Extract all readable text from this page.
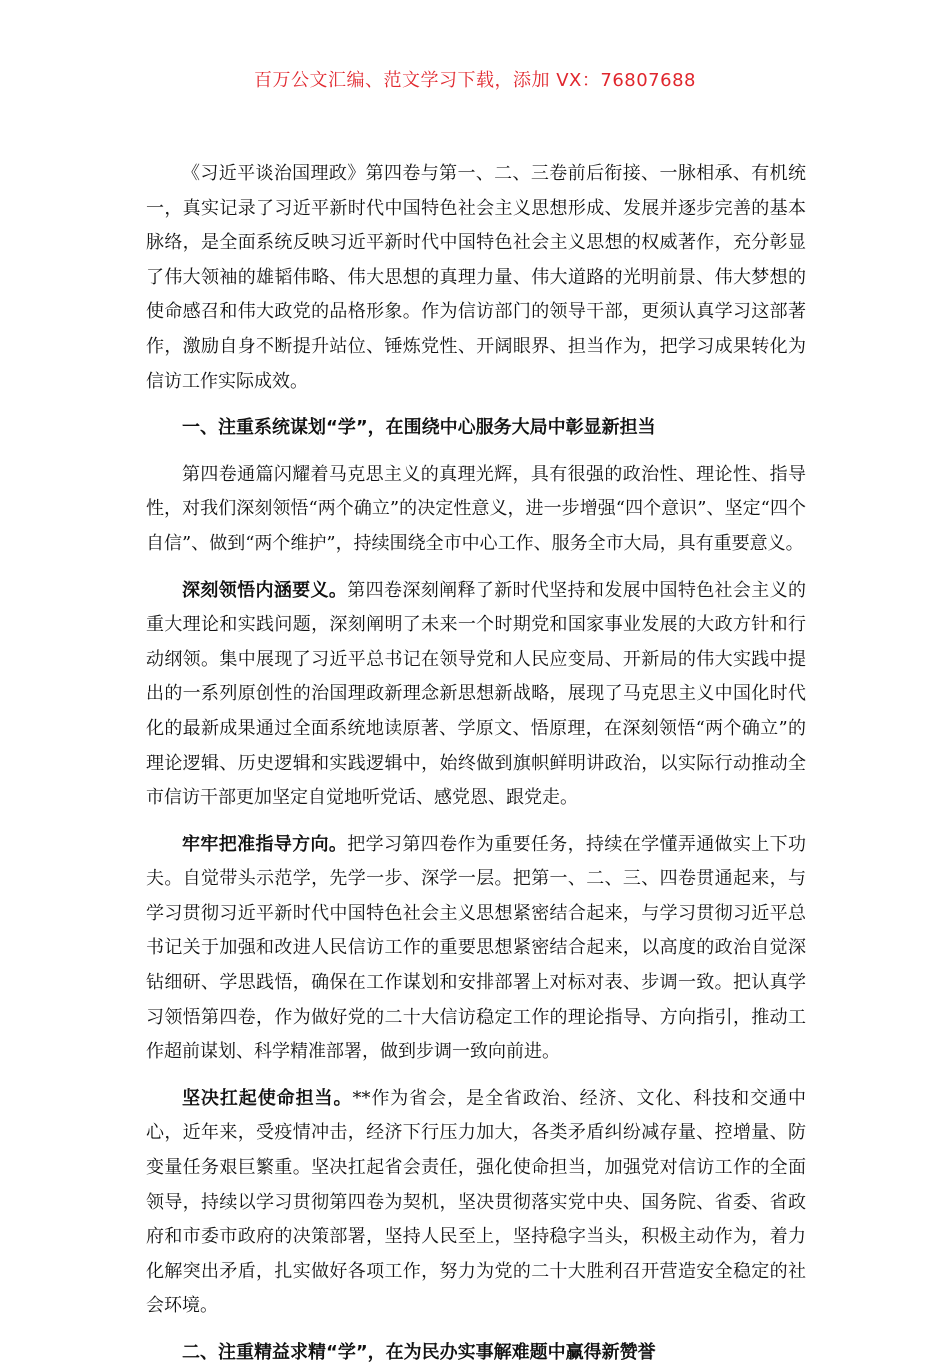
百万公文汇编、范文学习下载，添加 VX：76807688

《习近平谈治国理政》第四卷与第一、二、三卷前后衔接、一脉相承、有机统一，真实记录了习近平新时代中国特色社会主义思想形成、发展并逐步完善的基本脉络，是全面系统反映习近平新时代中国特色社会主义思想的权威著作，充分彰显了伟大领袖的雄韬伟略、伟大思想的真理力量、伟大道路的光明前景、伟大梦想的使命感召和伟大政党的品格形象。作为信访部门的领导干部，更须认真学习这部著作，激励自身不断提升站位、锤炼党性、开阔眼界、担当作为，把学习成果转化为信访工作实际成效。

一、注重系统谋划“学”，在围绕中心服务大局中彰显新担当

第四卷通篇闪耀着马克思主义的真理光辉，具有很强的政治性、理论性、指导性，对我们深刻领悟“两个确立”的决定性意义，进一步增强“四个意识”、坚定“四个自信”、做到“两个维护”，持续围绕全市中心工作、服务全市大局，具有重要意义。

深刻领悟内涵要义。第四卷深刻阐释了新时代坚持和发展中国特色社会主义的重大理论和实践问题，深刻阐明了未来一个时期党和国家事业发展的大政方针和行动纲领。集中展现了习近平总书记在领导党和人民应变局、开新局的伟大实践中提出的一系列原创性的治国理政新理念新思想新战略，展现了马克思主义中国化时代化的最新成果通过全面系统地读原著、学原文、悟原理，在深刻领悟“两个确立”的理论逻辑、历史逻辑和实践逻辑中，始终做到旗帜鲜明讲政治，以实际行动推动全市信访干部更加坚定自觉地听党话、感党恩、跟党走。

牢牢把准指导方向。把学习第四卷作为重要任务，持续在学懂弄通做实上下功夫。自觉带头示范学，先学一步、深学一层。把第一、二、三、四卷贯通起来，与学习贯彻习近平新时代中国特色社会主义思想紧密结合起来，与学习贯彻习近平总书记关于加强和改进人民信访工作的重要思想紧密结合起来，以高度的政治自觉深钻细研、学思践悟，确保在工作谋划和安排部署上对标对表、步调一致。把认真学习领悟第四卷，作为做好党的二十大信访稳定工作的理论指导、方向指引，推动工作超前谋划、科学精准部署，做到步调一致向前进。

坚决扛起使命担当。**作为省会，是全省政治、经济、文化、科技和交通中心，近年来，受疫情冲击，经济下行压力加大，各类矛盾纠纷减存量、控增量、防变量任务艰巨繁重。坚决扛起省会责任，强化使命担当，加强党对信访工作的全面领导，持续以学习贯彻第四卷为契机，坚决贯彻落实党中央、国务院、省委、省政府和市委市政府的决策部署，坚持人民至上，坚持稳字当头，积极主动作为，着力化解突出矛盾，扎实做好各项工作，努力为党的二十大胜利召开营造安全稳定的社会环境。

二、注重精益求精“学”，在为民办实事解难题中赢得新赞誉
